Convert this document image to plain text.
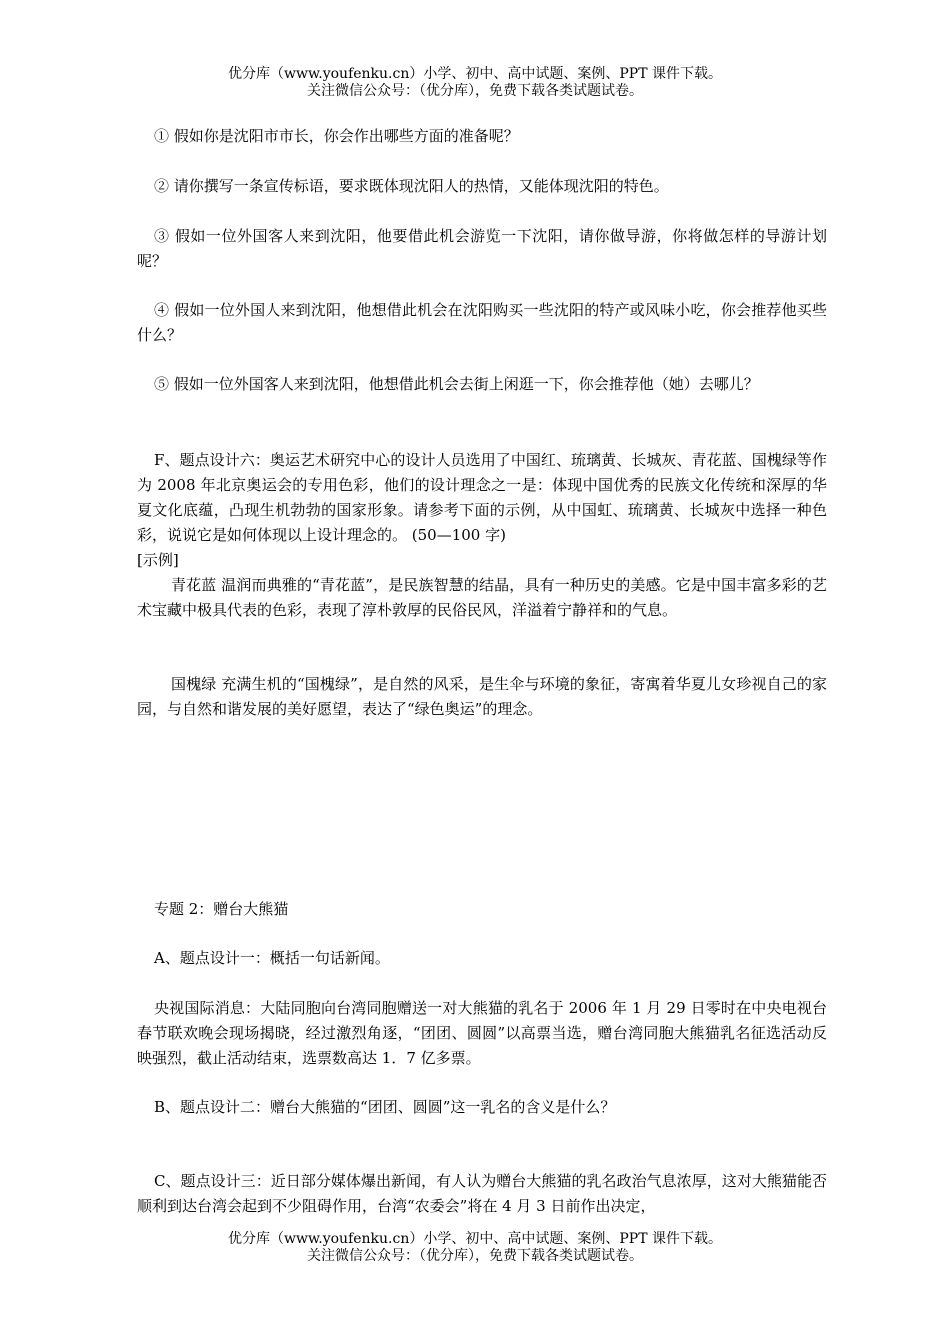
优分库（www.youfenku.cn）小学、初中、高中试题、案例、PPT 课件下载。
关注微信公众号：（优分库），免费下载各类试题试卷。

① 假如你是沈阳市市长，你会作出哪些方面的准备呢？

② 请你撰写一条宣传标语，要求既体现沈阳人的热情，又能体现沈阳的特色。

③ 假如一位外国客人来到沈阳，他要借此机会游览一下沈阳，请你做导游，你将做怎样的导游计划呢？

④ 假如一位外国人来到沈阳，他想借此机会在沈阳购买一些沈阳的特产或风味小吃，你会推荐他买些什么？

⑤ 假如一位外国客人来到沈阳，他想借此机会去街上闲逛一下，你会推荐他（她）去哪儿？

F、题点设计六：奥运艺术研究中心的设计人员选用了中国红、琉璃黄、长城灰、青花蓝、国槐绿等作为 2008 年北京奥运会的专用色彩，他们的设计理念之一是：体现中国优秀的民族文化传统和深厚的华夏文化底蕴，凸现生机勃勃的国家形象。请参考下面的示例，从中国虹、琉璃黄、长城灰中选择一种色彩，说说它是如何体现以上设计理念的。 (50—100 字)

[示例]

青花蓝 温润而典雅的“青花蓝”，是民族智慧的结晶，具有一种历史的美感。它是中国丰富多彩的艺术宝藏中极具代表的色彩，表现了淳朴敦厚的民俗民风，洋溢着宁静祥和的气息。

国槐绿 充满生机的“国槐绿”，是自然的风采，是生伞与环境的象征，寄寓着华夏儿女珍视自己的家园，与自然和谐发展的美好愿望，表达了“绿色奥运”的理念。

专题 2：赠台大熊猫

A、题点设计一：概括一句话新闻。

央视国际消息：大陆同胞向台湾同胞赠送一对大熊猫的乳名于 2006 年 1 月 29 日零时在中央电视台春节联欢晚会现场揭晓，经过激烈角逐，“团团、圆圆”以高票当选，赠台湾同胞大熊猫乳名征选活动反映强烈，截止活动结束，选票数高达 1．7 亿多票。

B、题点设计二：赠台大熊猫的“团团、圆圆”这一乳名的含义是什么？

C、题点设计三：近日部分媒体爆出新闻，有人认为赠台大熊猫的乳名政治气息浓厚，这对大熊猫能否顺利到达台湾会起到不少阻碍作用，台湾“农委会”将在 4 月 3 日前作出决定，

优分库（www.youfenku.cn）小学、初中、高中试题、案例、PPT 课件下载。
关注微信公众号：（优分库），免费下载各类试题试卷。
